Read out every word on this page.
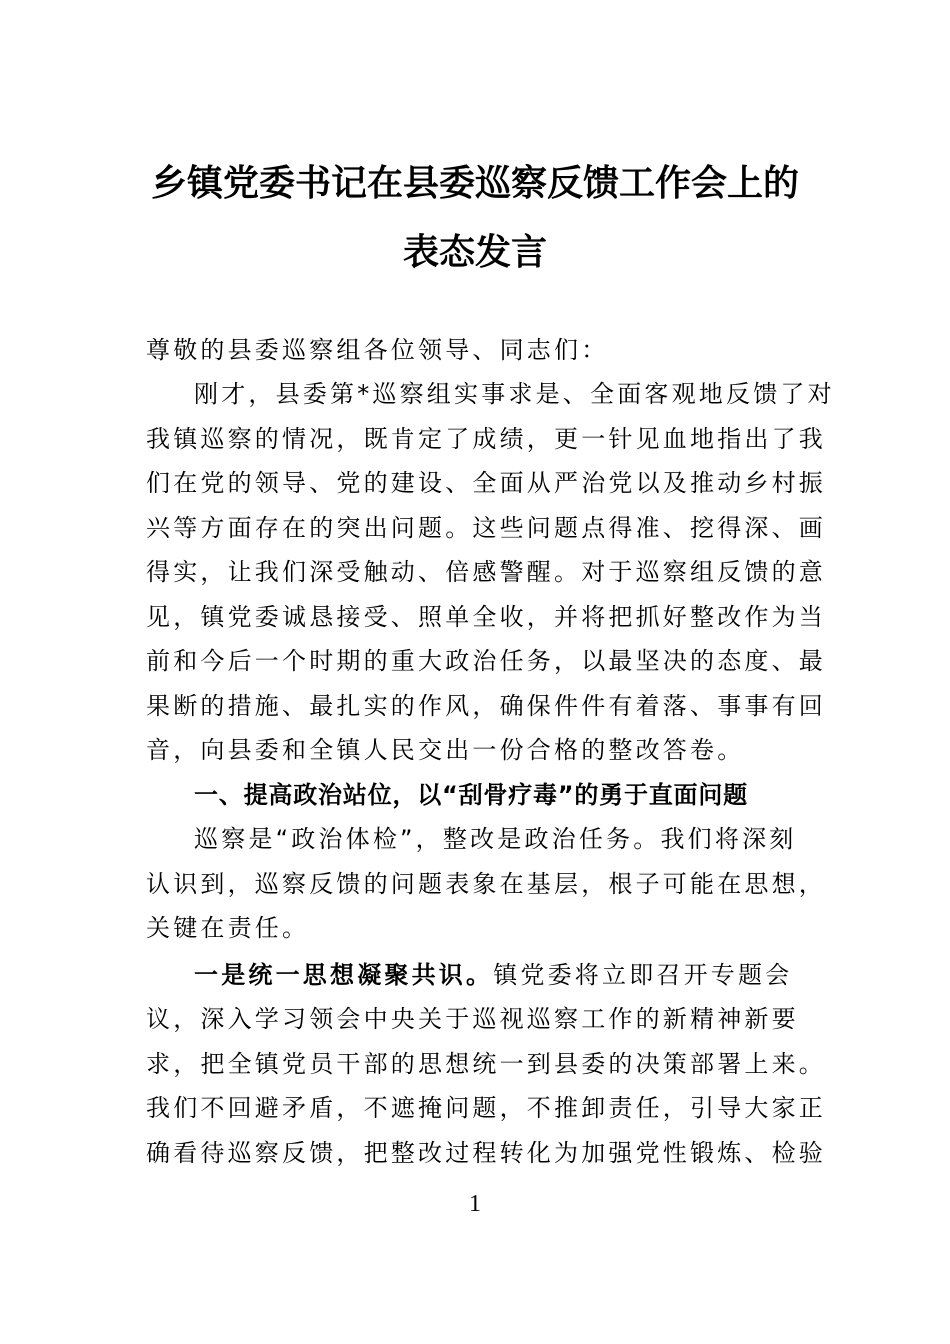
乡镇党委书记在县委巡察反馈工作会上的
表态发言
尊敬的县委巡察组各位领导、同志们：
刚才，县委第*巡察组实事求是、全面客观地反馈了对
我镇巡察的情况，既肯定了成绩，更一针见血地指出了我
们在党的领导、党的建设、全面从严治党以及推动乡村振
兴等方面存在的突出问题。这些问题点得准、挖得深、画
得实，让我们深受触动、倍感警醒。对于巡察组反馈的意
见，镇党委诚恳接受、照单全收，并将把抓好整改作为当
前和今后一个时期的重大政治任务，以最坚决的态度、最
果断的措施、最扎实的作风，确保件件有着落、事事有回
音，向县委和全镇人民交出一份合格的整改答卷。
一、提高政治站位，以“刮骨疗毒”的勇于直面问题
巡察是“政治体检”，整改是政治任务。我们将深刻
认识到，巡察反馈的问题表象在基层，根子可能在思想，
关键在责任。
一是统一思想凝聚共识。镇党委将立即召开专题会
议，深入学习领会中央关于巡视巡察工作的新精神新要
求，把全镇党员干部的思想统一到县委的决策部署上来。
我们不回避矛盾，不遮掩问题，不推卸责任，引导大家正
确看待巡察反馈，把整改过程转化为加强党性锻炼、检验
1
